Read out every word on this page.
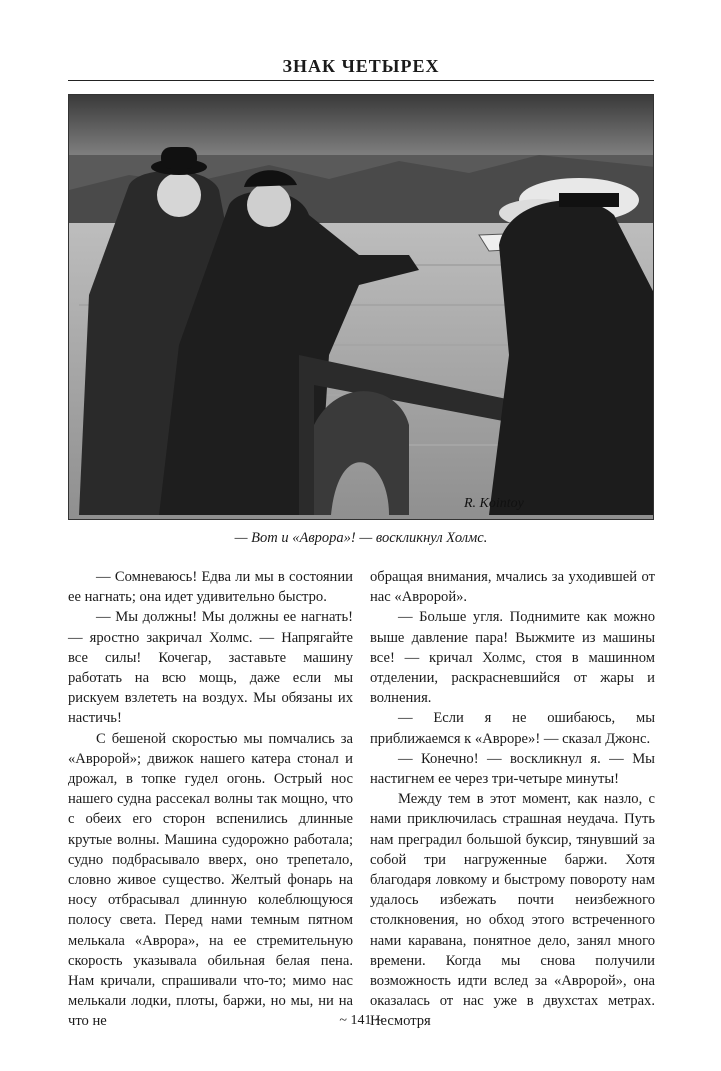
ЗНАК ЧЕТЫРЕХ
R. Kointoy
— Вот и «Аврора»! — воскликнул Холмс.

— Сомневаюсь! Едва ли мы в состоянии ее нагнать; она идет удивительно быстро.

— Мы должны! Мы должны ее нагнать! — яростно закричал Холмс. — Напрягайте все силы! Кочегар, заставьте машину работать на всю мощь, даже если мы рискуем взлететь на воздух. Мы обязаны их настичь!

С бешеной скоростью мы помчались за «Авророй»; движок нашего катера стонал и дрожал, в топке гудел огонь. Острый нос нашего судна рассекал волны так мощно, что с обеих его сторон вспенились длинные крутые волны. Машина судорожно работала; судно подбрасывало вверх, оно трепетало, словно живое существо. Желтый фонарь на носу отбрасывал длинную колеблющуюся полосу света. Перед нами темным пятном мелькала «Аврора», на ее стремительную скорость указывала обильная белая пена. Нам кричали, спрашивали что-то; мимо нас мелькали лодки, плоты, баржи, но мы, ни на что не

обращая внимания, мчались за уходившей от нас «Авророй».

— Больше угля. Поднимите как можно выше давление пара! Выжмите из машины все! — кричал Холмс, стоя в машинном отделении, раскрасневшийся от жары и волнения.

— Если я не ошибаюсь, мы приближаемся к «Авроре»! — сказал Джонс.

— Конечно! — воскликнул я. — Мы настигнем ее через три-четыре минуты!

Между тем в этот момент, как назло, с нами приключилась страшная неудача. Путь нам преградил большой буксир, тянувший за собой три нагруженные баржи. Хотя благодаря ловкому и быстрому повороту нам удалось избежать почти неизбежного столкновения, но обход этого встреченного нами каравана, понятное дело, занял много времени. Когда мы снова получили возможность идти вслед за «Авророй», она оказалась от нас уже в двухстах метрах. Несмотря

~ 141 ~
